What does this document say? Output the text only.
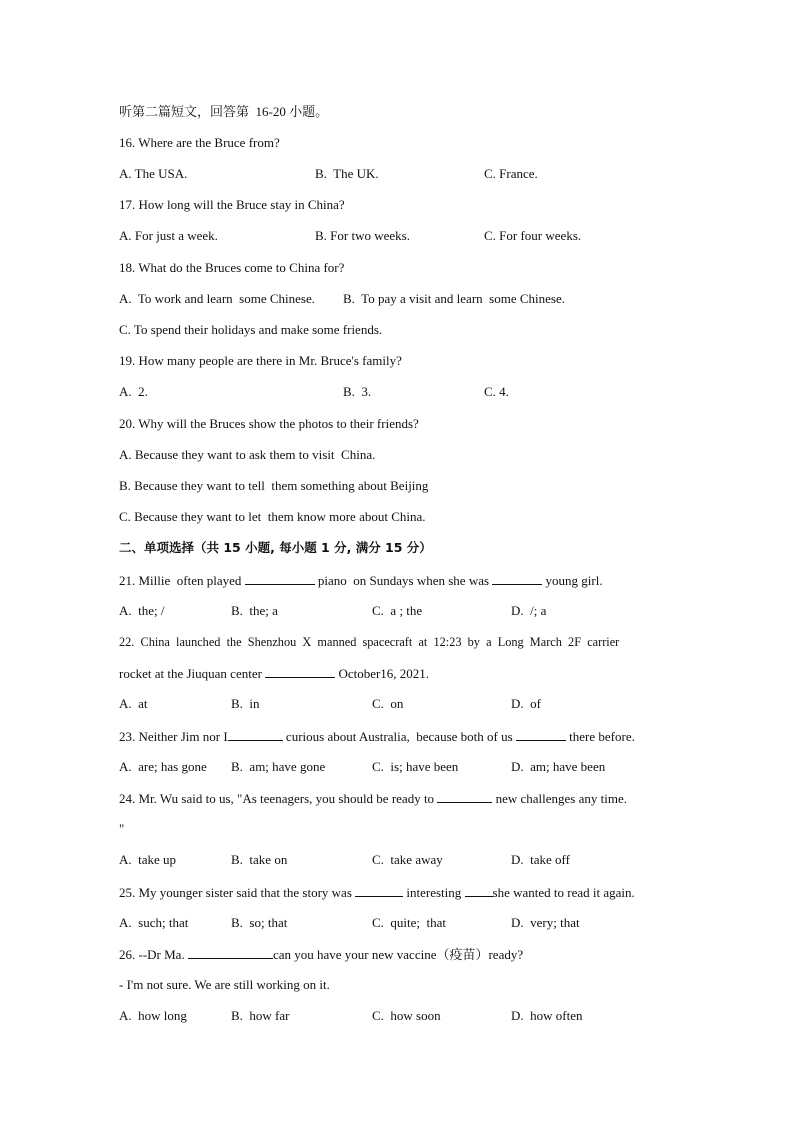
听第二篇短文，回答第  16-20 小题。
16. Where are the Bruce from?
A. The USA.	B.  The UK.	C. France.
17. How long will the Bruce stay in China?
A. For just a week.	B. For two weeks.	C. For four weeks.
18. What do the Bruces come to China for?
A.  To work and learn  some Chinese. B.  To pay a visit and learn  some Chinese.
C. To spend their holidays and make some friends.
19. How many people are there in Mr. Bruce's family?
A.  2.	B.  3.	C. 4.
20. Why will the Bruces show the photos to their friends?
A. Because they want to ask them to visit  China.
B. Because they want to tell  them something about Beijing
C. Because they want to let  them know more about China.
二、单项选择（共 15 小题, 每小题 1 分, 满分 15 分）
21. Millie  often played	piano  on Sundays when she was	young girl.
A.  the; /	B.  the; a	C.  a ; the	D.  /; a
22.  China  launched  the  Shenzhou  X  manned  spacecraft  at  12:23  by  a  Long  March  2F  carrier
rocket at the Jiuquan center	October16, 2021.
A.  at	B.  in	C.  on	D.  of
23. Neither Jim nor I	curious about Australia,  because both of us	there before.
A.  are; has gone B.  am; have gone	C.  is; have been	D.  am; have been
24. Mr. Wu said to us, "As teenagers, you should be ready to	new challenges any time.
"
A.  take up	B.  take on	C.  take away	D.  take off
25. My younger sister said that the story was	interesting she wanted to read it again.
A.  such; that	B.  so; that	C.  quite;  that	D.  very; that
26. --Dr Ma.	can you have your new vaccine（疫苗）ready?
- I'm not sure. We are still working on it.
A.  how long	B.  how far	C.  how soon	D.  how often
